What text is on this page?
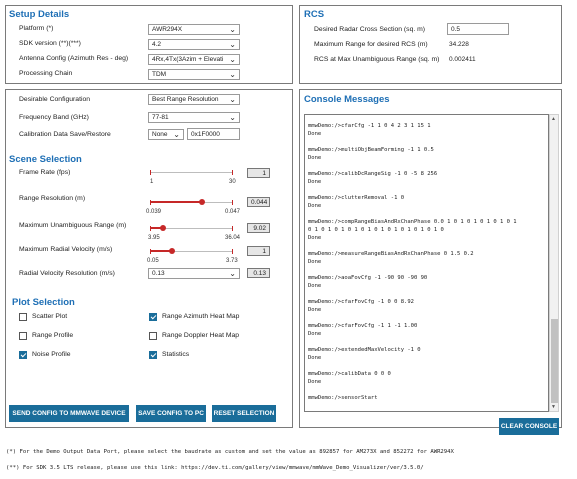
Setup Details
Platform (*)	AWR294X	⌄
SDK version (**)(***)	4.2	⌄
Antenna Config (Azimuth Res - deg)	4Rx,4Tx(3Azim + Elevati ⌄
Processing Chain	TDM	⌄
RCS
Desired Radar Cross Section (sq. m)	0.5
Maximum Range for desired RCS (m)	34.228
RCS at Max Unambiguous Range (sq. m) 0.002411
Desirable Configuration	Best Range Resolution	⌄
Frequency Band (GHz)	77-81	⌄
Calibration Data Save/Restore	None ⌄	0x1F0000
Scene Selection
Frame Rate (fps)
1	30
1
Range Resolution (m)
0.039	0.047
0.044
Maximum Unambiguous Range (m)
3.95	36.04
9.02
Maximum Radial Velocity (m/s)
0.05	3.73
1
Radial Velocity Resolution (m/s)	0.13	⌄	0.13
Plot Selection
Scatter Plot	Range Azimuth Heat Map
Range Profile	Range Doppler Heat Map
Noise Profile	Statistics
SEND CONFIG TO MMWAVE DEVICE	SAVE CONFIG TO PC	RESET SELECTION
Console Messages
mmwDemo:/>cfarCfg -1 1 0 4 2 3 1 15 1
Done
mmwDemo:/>multiObjBeamForming -1 1 0.5
Done
mmwDemo:/>calibDcRangeSig -1 0 -5 8 256
Done
mmwDemo:/>clutterRemoval -1 0
Done
mmwDemo:/>compRangeBiasAndRxChanPhase 0.0 1 0 1 0 1 0 1 0 1 0 1
0 1 0 1 0 1 0 1 0 1 0 1 0 1 0 1 0 1 0 1 0
Done
mmwDemo:/>measureRangeBiasAndRxChanPhase 0 1.5 0.2
Done
mmwDemo:/>aoaFovCfg -1 -90 90 -90 90
Done
mmwDemo:/>cfarFovCfg -1 0 0 8.92
Done
mmwDemo:/>cfarFovCfg -1 1 -1 1.00
Done
mmwDemo:/>extendedMaxVelocity -1 0
Done
mmwDemo:/>calibData 0 0 0
Done
mmwDemo:/>sensorStart
▲
▼
CLEAR CONSOLE
(*) For the Demo Output Data Port, please select the baudrate as custom and set the value as 892857 for AM273X and 852272 for AWR294X
(**) For SDK 3.5 LTS release, please use this link: https://dev.ti.com/gallery/view/mmwave/mmWave_Demo_Visualizer/ver/3.5.0/
